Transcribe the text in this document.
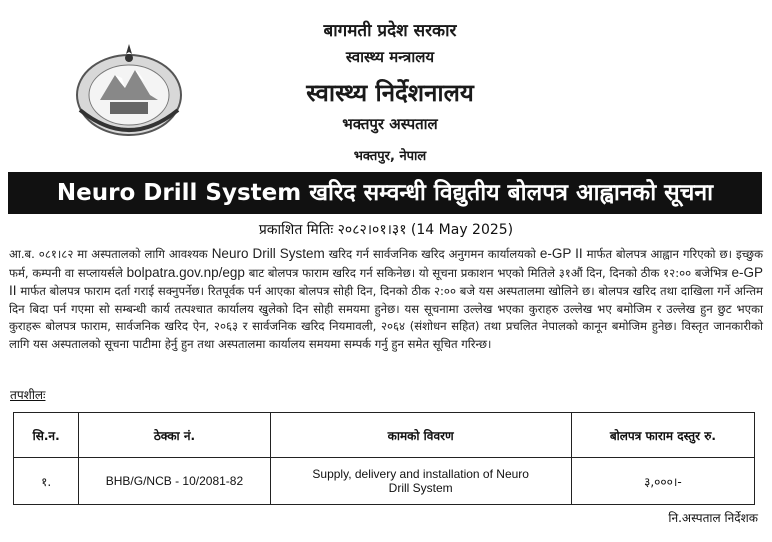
बागमती प्रदेश सरकार
स्वास्थ्य मन्त्रालय
स्वास्थ्य निर्देशनालय
भक्तपुर अस्पताल
भक्तपुर, नेपाल
Neuro Drill System खरिद सम्वन्धी विद्युतीय बोलपत्र आह्वानको सूचना
प्रकाशित मितिः २०८२।०१।३१ (14 May 2025)
आ.ब. ०८१।८२ मा अस्पतालको लागि आवश्यक Neuro Drill System खरिद गर्न सार्वजनिक खरिद अनुगमन कार्यालयको e-GP II मार्फत बोलपत्र आह्वान गरिएको छ। इच्छुक फर्म, कम्पनी वा सप्लायर्सले bolpatra.gov.np/egp बाट बोलपत्र फाराम खरिद गर्न सकिनेछ। यो सूचना प्रकाशन भएको मितिले ३१औं दिन, दिनको ठीक १२:०० बजेभित्र e-GP II मार्फत बोलपत्र फाराम दर्ता गराई सक्नुपर्नेछ। रितपूर्वक पर्न आएका बोलपत्र सोही दिन, दिनको ठीक २:०० बजे यस अस्पतालमा खोलिने छ। बोलपत्र खरिद तथा दाखिला गर्ने अन्तिम दिन बिदा पर्न गएमा सो सम्बन्धी कार्य तत्पश्चात कार्यालय खुलेको दिन सोही समयमा हुनेछ। यस सूचनामा उल्लेख भएका कुराहरु उल्लेख भए बमोजिम र उल्लेख हुन छुट भएका कुराहरू बोलपत्र फाराम, सार्वजनिक खरिद ऐन, २०६३ र सार्वजनिक खरिद नियमावली, २०६४ (संशोधन सहित) तथा प्रचलित नेपालको कानून बमोजिम हुनेछ। विस्तृत जानकारीको लागि यस अस्पतालको सूचना पाटीमा हेर्नु हुन तथा अस्पतालमा कार्यालय समयमा सम्पर्क गर्नु हुन समेत सूचित गरिन्छ।
तपशीलः
सि.न.	ठेक्का नं.	कामको विवरण	बोलपत्र फाराम दस्तुर रु.
१.	BHB/G/NCB - 10/2081-82	Supply, delivery and installation of Neuro Drill System	३,०००।-
नि.अस्पताल निर्देशक
